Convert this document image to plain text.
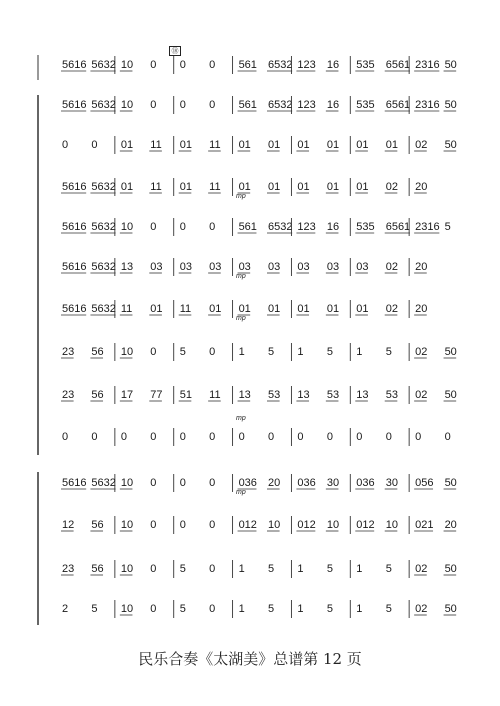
5616 5632 10 0 0 0 561 6532 123 16 535 6561 2316 50
5616 5632 10 0 0 0 561 6532 123 16 535 6561 2316 50
0 0 01 11 01 11 01 01 01 01 01 01 02 50
5616 5632 01 11 01 11 01 01 01 01 01 02 20
5616 5632 10 0 0 0 561 6532 123 16 535 6561 2316 5
5616 5632 13 03 03 03 03 03 03 03 03 02 20
5616 5632 11 01 11 01 01 01 01 01 01 02 20
23 56 10 0 5 0 1 5 1 5 1 5 02 50
23 56 17 77 51 11 13 53 13 53 13 53 02 50
0 0 0 0 0 0 0 0 0 0 0 0 0 0
5616 5632 10 0 0 0 036 20 036 30 036 30 056 50
12 56 10 0 0 0 012 10 012 10 012 10 021 20
23 56 10 0 5 0 1 5 1 5 1 5 02 50
2 5 10 0 5 0 1 5 1 5 1 5 02 50
mp
mp
mp
mp
mp
⑱
民乐合奏《太湖美》总谱第 12 页
